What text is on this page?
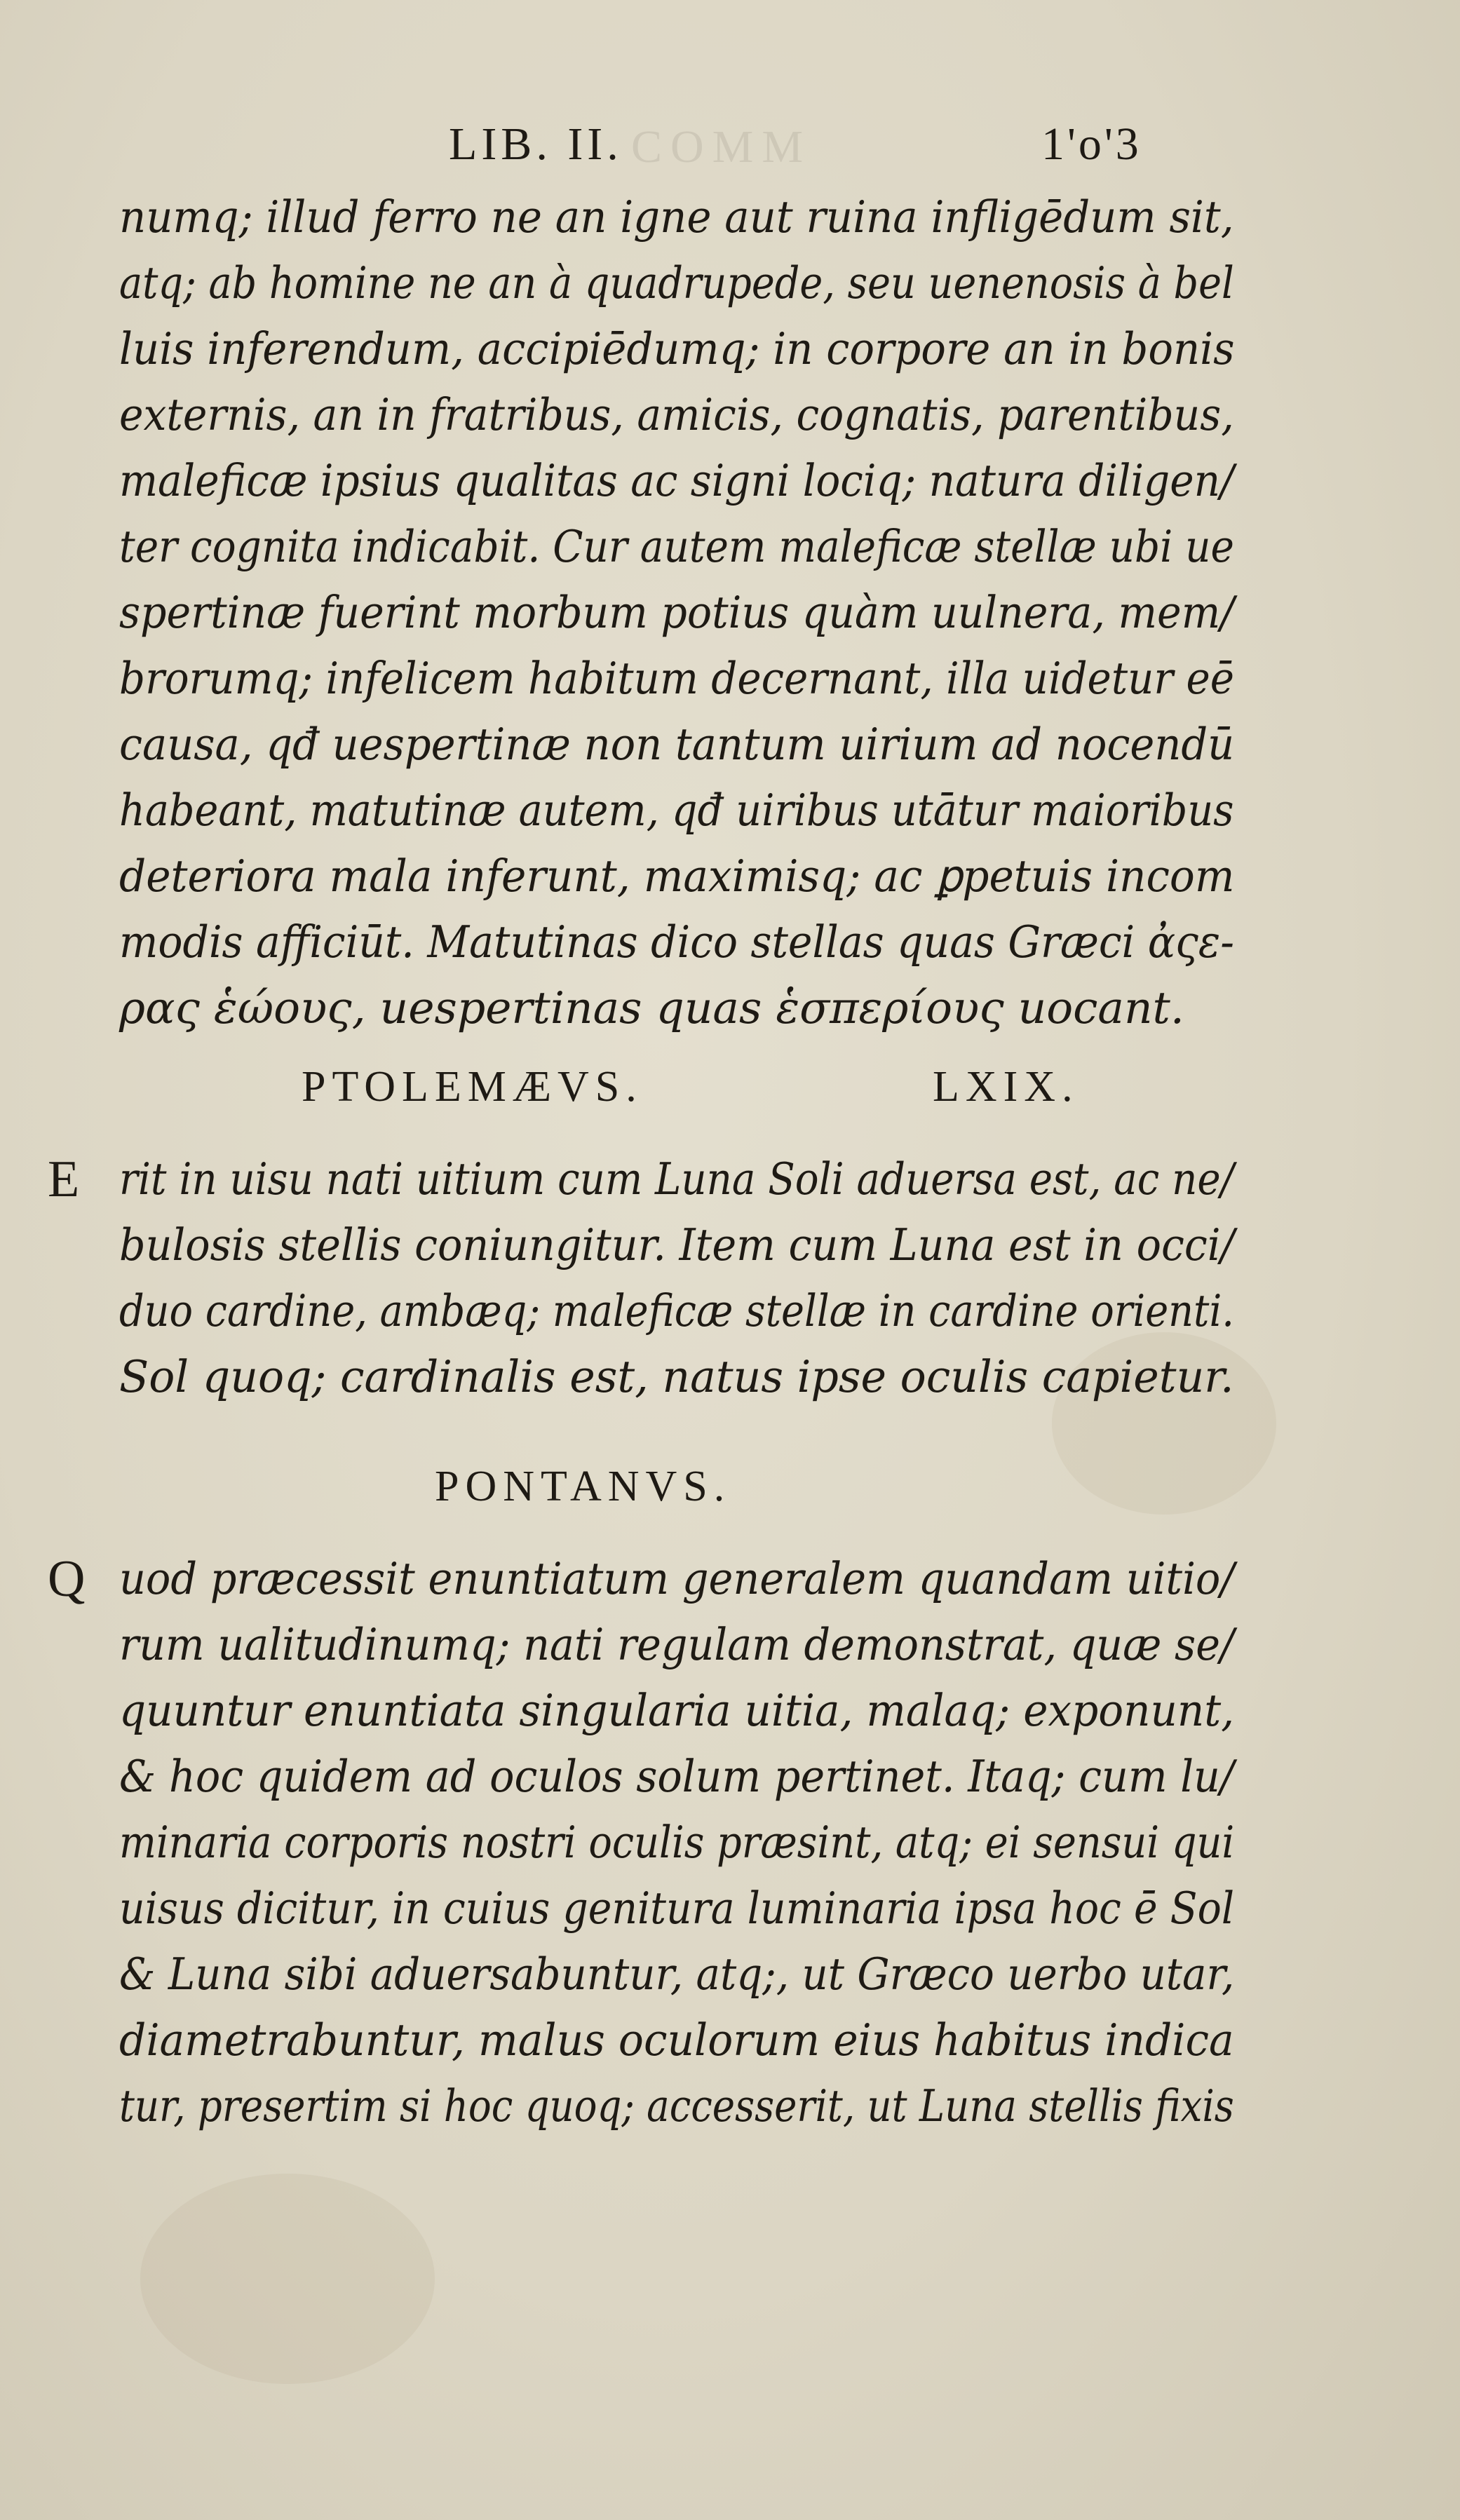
COMM
LIB. II.	1'o'3
numq; illud ferro ne an igne aut ruina infligēdum sit,
atq; ab homine ne an à quadrupede, seu uenenosis à bel
luis inferendum, accipiēdumq; in corpore an in bonis
externis, an in fratribus, amicis, cognatis, parentibus,
maleficæ ipsius qualitas ac signi lociq; natura diligen/
ter cognita indicabit. Cur autem maleficæ stellæ ubi ue
spertinæ fuerint morbum potius quàm uulnera, mem/
brorumq; infelicem habitum decernant, illa uidetur eē
causa, qđ uespertinæ non tantum uirium ad nocendū
habeant, matutinæ autem, qđ uiribus utātur maioribus
deteriora mala inferunt, maximisq; ac ꝑpetuis incom
modis afficiūt. Matutinas dico stellas quas Græci ἀςε-
ρας ἑώους, uespertinas quas ἑσπερίους uocant.
PTOLEMÆVS.	LXIX.
E rit in uisu nati uitium cum Luna Soli aduersa est, ac ne/
bulosis stellis coniungitur. Item cum Luna est in occi/
duo cardine, ambæq; maleficæ stellæ in cardine orienti.
Sol quoq; cardinalis est, natus ipse oculis capietur.
PONTANVS.
Q uod præcessit enuntiatum generalem quandam uitio/
rum ualitudinumq; nati regulam demonstrat, quæ se/
quuntur enuntiata singularia uitia, malaq; exponunt,
& hoc quidem ad oculos solum pertinet. Itaq; cum lu/
minaria corporis nostri oculis præsint, atq; ei sensui qui
uisus dicitur, in cuius genitura luminaria ipsa hoc ē Sol
& Luna sibi aduersabuntur, atq;, ut Græco uerbo utar,
diametrabuntur, malus oculorum eius habitus indica
tur, presertim si hoc quoq; accesserit, ut Luna stellis fixis
